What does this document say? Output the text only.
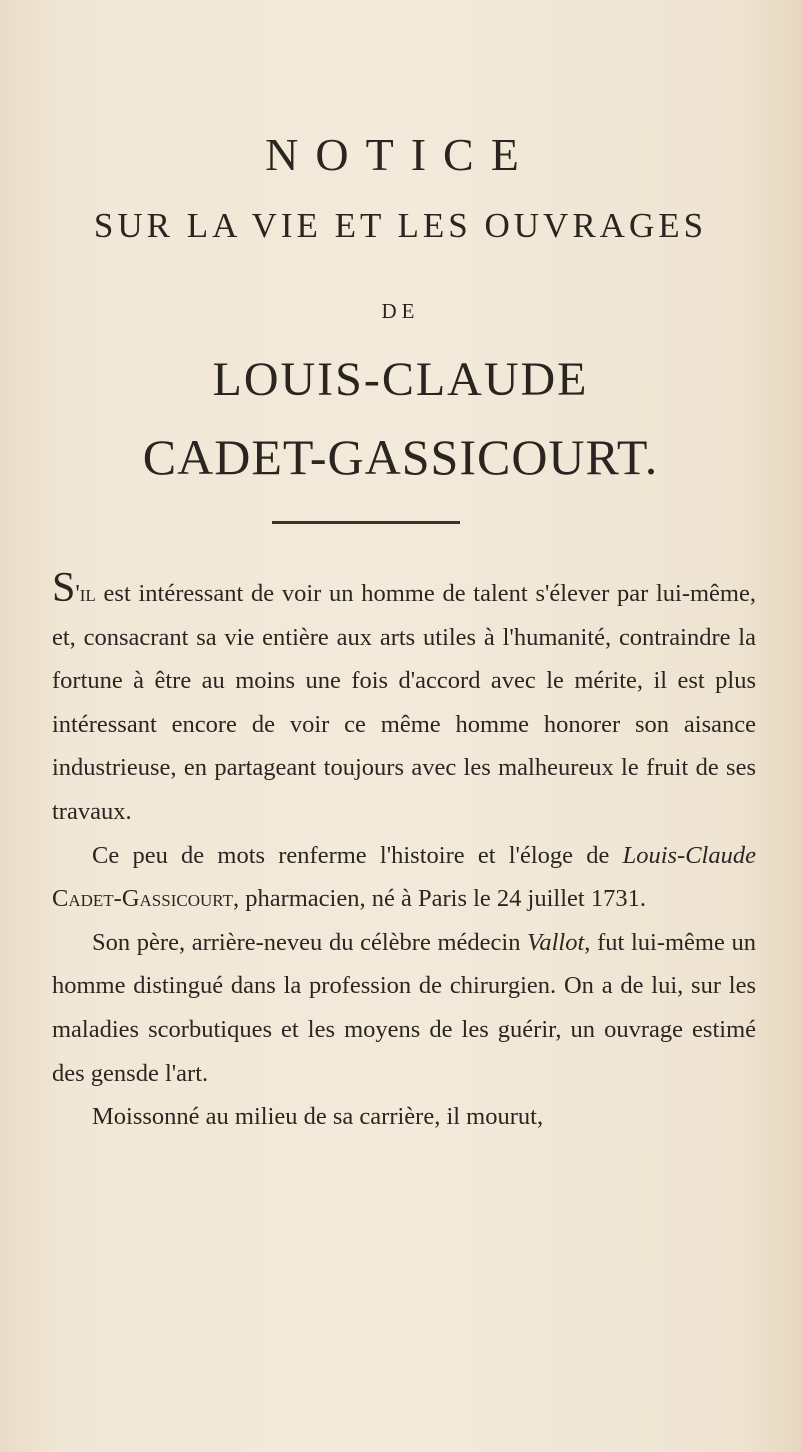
NOTICE
SUR LA VIE ET LES OUVRAGES
DE
LOUIS-CLAUDE
CADET-GASSICOURT.

S'il est intéressant de voir un homme de talent s'élever par lui-même, et, consacrant sa vie entière aux arts utiles à l'humanité, contraindre la fortune à être au moins une fois d'accord avec le mérite, il est plus intéressant encore de voir ce même homme honorer son aisance industrieuse, en partageant toujours avec les malheureux le fruit de ses travaux.

Ce peu de mots renferme l'histoire et l'éloge de Louis-Claude Cadet-Gassicourt, pharmacien, né à Paris le 24 juillet 1731.

Son père, arrière-neveu du célèbre médecin Vallot, fut lui-même un homme distingué dans la profession de chirurgien. On a de lui, sur les maladies scorbutiques et les moyens de les guérir, un ouvrage estimé des gensde l'art.

Moissonné au milieu de sa carrière, il mourut,
